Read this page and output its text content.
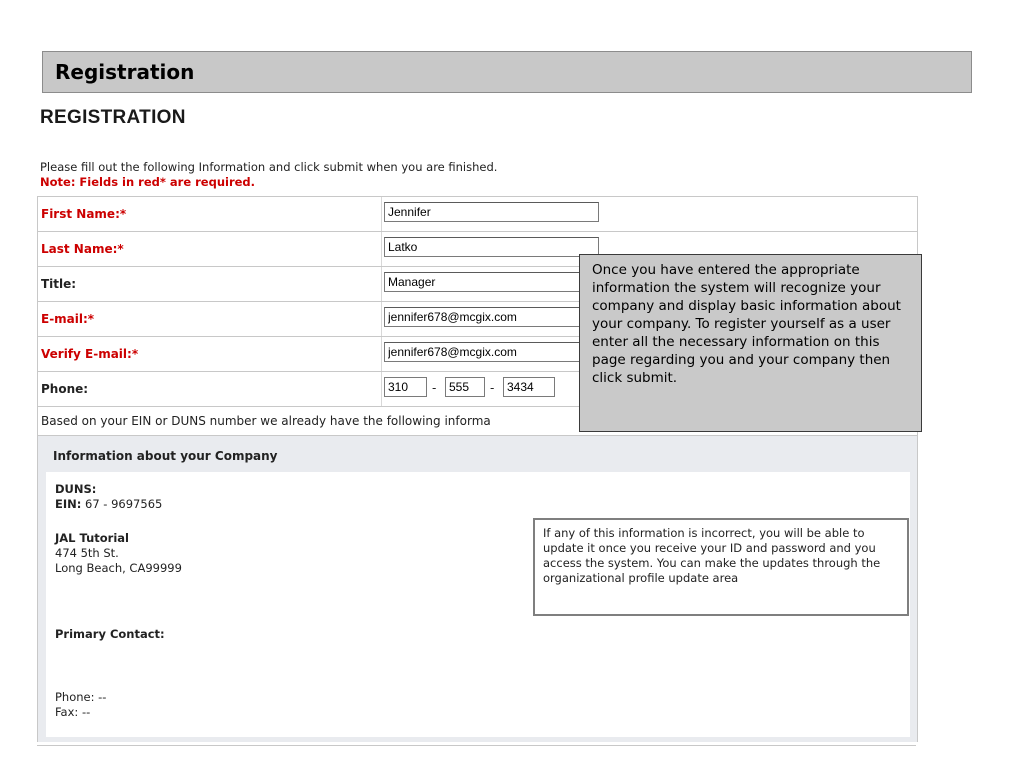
Registration
REGISTRATION
Please fill out the following Information and click submit when you are finished.
Note: Fields in red* are required.
First Name:*
Jennifer
Last Name:*
Latko
Title:
Manager
E-mail:*
jennifer678@mcgix.com
Verify E-mail:*
jennifer678@mcgix.com
Phone:
310	-
555	-
3434
Based on your EIN or DUNS number we already have the following informa
Information about your Company
DUNS:
EIN: 67 - 9697565
JAL Tutorial
474 5th St.
Long Beach, CA99999
Primary Contact:
Phone: --
Fax: --
If any of this information is incorrect, you will be able to update it once you receive your ID and password and you access the system. You can make the updates through the organizational profile update area
Once you have entered the appropriate information the system will recognize your company and display basic information about your company. To register yourself as a user enter all the necessary information on this page regarding you and your company then click submit.
